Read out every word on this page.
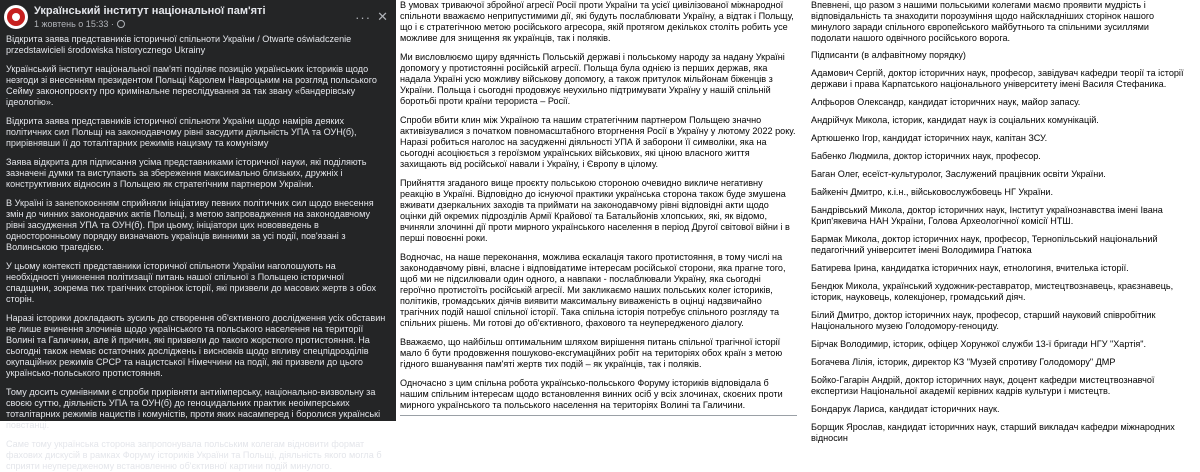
Український інститут національної пам'яті
1 жовтень о 15:33 ·	··· ✕

Відкрита заява представників історичної спільноти України / Otwarte oświadczenie przedstawicieli środowiska historycznego Ukrainy

Український інститут національної пам'яті поділяє позицію українських істориків щодо незгоди зі внесенням президентом Польщі Каролем Навроцьким на розгляд польського Сейму законопроєкту про кримінальне переслідування за так звану «бандерівську ідеологію».

Відкрита заява представників історичної спільноти України щодо намірів деяких політичних сил Польщі на законодавчому рівні засудити діяльність УПА та ОУН(б), прирівнявши її до тоталітарних режимів нацизму та комунізму

Заява відкрита для підписання усіма представниками історичної науки, які поділяють зазначені думки та виступають за збереження максимально близьких, дружніх і конструктивних відносин з Польщею як стратегічним партнером України.

В Україні із занепокоєнням сприйняли ініціативу певних політичних сил щодо внесення змін до чинних законодавчих актів Польщі, з метою запровадження на законодавчому рівні засудження УПА та ОУН(б). При цьому, ініціатори цих нововведень в односторонньому порядку визначають українців винними за усі події, пов'язані з Волинською трагедією.

У цьому контексті представники історичної спільноти України наголошують на необхідності уникнення політизації питань нашої спільної з Польщею історичної спадщини, зокрема тих трагічних сторінок історії, які призвели до масових жертв з обох сторін.

Наразі історики докладають зусиль до створення об'єктивного дослідження усіх обставин не лише вчинення злочинів щодо українського та польського населення на території Волині та Галичини, але й причин, які призвели до такого жорсткого протистояння. На сьогодні також немає остаточних досліджень і висновків щодо впливу спецпідрозділів окупаційних режимів СРСР та нацистської Німеччини на події, які призвели до цього українсько-польського протистояння.

Тому досить сумнівними є спроби прирівняти антиімперську, національно-визвольну за своєю суттю, діяльність УПА та ОУН(б) до геноцидальних практик неоімперських тоталітарних режимів нацистів і комуністів, проти яких насамперед і боролися українські повстанці.

Саме тому українська сторона запропонувала польським колегам відновити формат фахових дискусій в рамках Форуму істориків України та Польщі, діяльність якого могла б сприяти неупередженому встановленню об'єктивної картини подій минулого.

В умовах триваючої збройної агресії Росії проти України та усієї цивілізованої міжнародної спільноти вважаємо неприпустимими дії, які будуть послаблювати Україну, а відтак і Польщу, що і є стратегічною метою російського агресора, якій протягом декількох століть робить усе можливе для знищення як українців, так і поляків.

Ми висловлюємо щиру вдячність Польській державі і польському народу за надану Україні допомогу у протистоянні російській агресії. Польща була однією із перших держав, яка надала Україні усю можливу військову допомогу, а також притулок мільйонам біженців з України. Польща і сьогодні продовжує неухильно підтримувати Україну у нашій спільній боротьбі проти країни терориста – Росії.

Спроби вбити клин між Україною та нашим стратегічним партнером Польщею значно активізувалися з початком повномасштабного вторгнення Росії в Україну у лютому 2022 року. Наразі робиться наголос на засудженні діяльності УПА й заборони її символіки, яка на сьогодні асоціюється з героїзмом українських військових, які ціною власного життя захищають від російської навали і Україну, і Європу в цілому.

Прийняття згаданого вище проєкту польською стороною очевидно викличе негативну реакцію в Україні. Відповідно до існуючої практики українська сторона також буде змушена вживати дзеркальних заходів та приймати на законодавчому рівні відповідні акти щодо оцінки дій окремих підрозділів Армії Крайової та Батальйонів хлопських, які, як відомо, вчиняли злочинні дії проти мирного українського населення в період Другої світової війни і в перші повоєнні роки.

Водночас, на наше переконання, можлива ескалація такого протистояння, в тому числі на законодавчому рівні, власне і відповідатиме інтересам російської сторони, яка прагне того, щоб ми не підсилювали один одного, а навпаки - послаблювали Україну, яка сьогодні героїчно протистоїть російській агресії. Ми закликаємо наших польських колег істориків, політиків, громадських діячів виявити максимальну виваженість в оцінці надзвичайно трагічних подій нашої спільної історії. Така спільна історія потребує спільного розгляду та спільних рішень. Ми готові до об'єктивного, фахового та неупередженого діалогу.

Вважаємо, що найбільш оптимальним шляхом вирішення питань спільної трагічної історії мало б бути продовження пошуково-ексгумаційних робіт на територіях обох країн з метою гідного вшанування пам'яті жертв тих подій – як українців, так і поляків.

Одночасно з цим спільна робота українсько-польського Форуму істориків відповідала б нашим спільним інтересам щодо встановлення винних осіб у всіх злочинах, скоєних проти мирного українського та польського населення на територіях Волині та Галичини.

Впевнені, що разом з нашими польськими колегами маємо проявити мудрість і відповідальність та знаходити порозуміння щодо найскладніших сторінок нашого минулого заради спільного європейського майбутнього та спільними зусиллями подолати нашого одвічного російського ворога.

Підписанти (в алфавітному порядку)

Адамович Сергій, доктор історичних наук, професор, завідувач кафедри теорії та історії держави і права Карпатського національного університету імені Василя Стефаника.

Алфьоров Олександр, кандидат історичних наук, майор запасу.

Андрійчук Микола, історик, кандидат наук із соціальних комунікацій.

Артюшенко Ігор, кандидат історичних наук, капітан ЗСУ.

Бабенко Людмила, доктор історичних наук, професор.

Баган Олег, есеїст-культуролог, Заслужений працівник освіти України.

Байкеніч Дмитро, к.і.н., військовослужбовець НГ України.

Бандрівський Микола, доктор історичних наук, Інститут українознавства імені Івана Крип'якевича НАН України, Голова Археологічної комісії НТШ.

Бармак Микола, доктор історичних наук, професор, Тернопільський національний педагогічний університет імені Володимира Гнатюка

Батирева Ірина, кандидатка історичних наук, етнологиня, вчителька історії.

Бендюк Микола, український художник-реставратор, мистецтвознавець, краєзнавець, історик, науковець, колекціонер, громадський діяч.

Білий Дмитро, доктор історичних наук, професор, старший науковий співробітник Національного музею Голодомору-геноциду.

Бірчак Володимир, історик, офіцер Хорунжої служби 13-ї бригади НГУ "Хартія".

Богачева Лілія, історик, директор КЗ "Музей спротиву Голодомору" ДМР

Бойко-Гагарін Андрій, доктор історичних наук, доцент кафедри мистецтвознавчої експертизи Національної академії керівних кадрів культури і мистецтв.

Бондарук Лариса, кандидат історичних наук.

Борщик Ярослав, кандидат історичних наук, старший викладач кафедри міжнародних відносин
